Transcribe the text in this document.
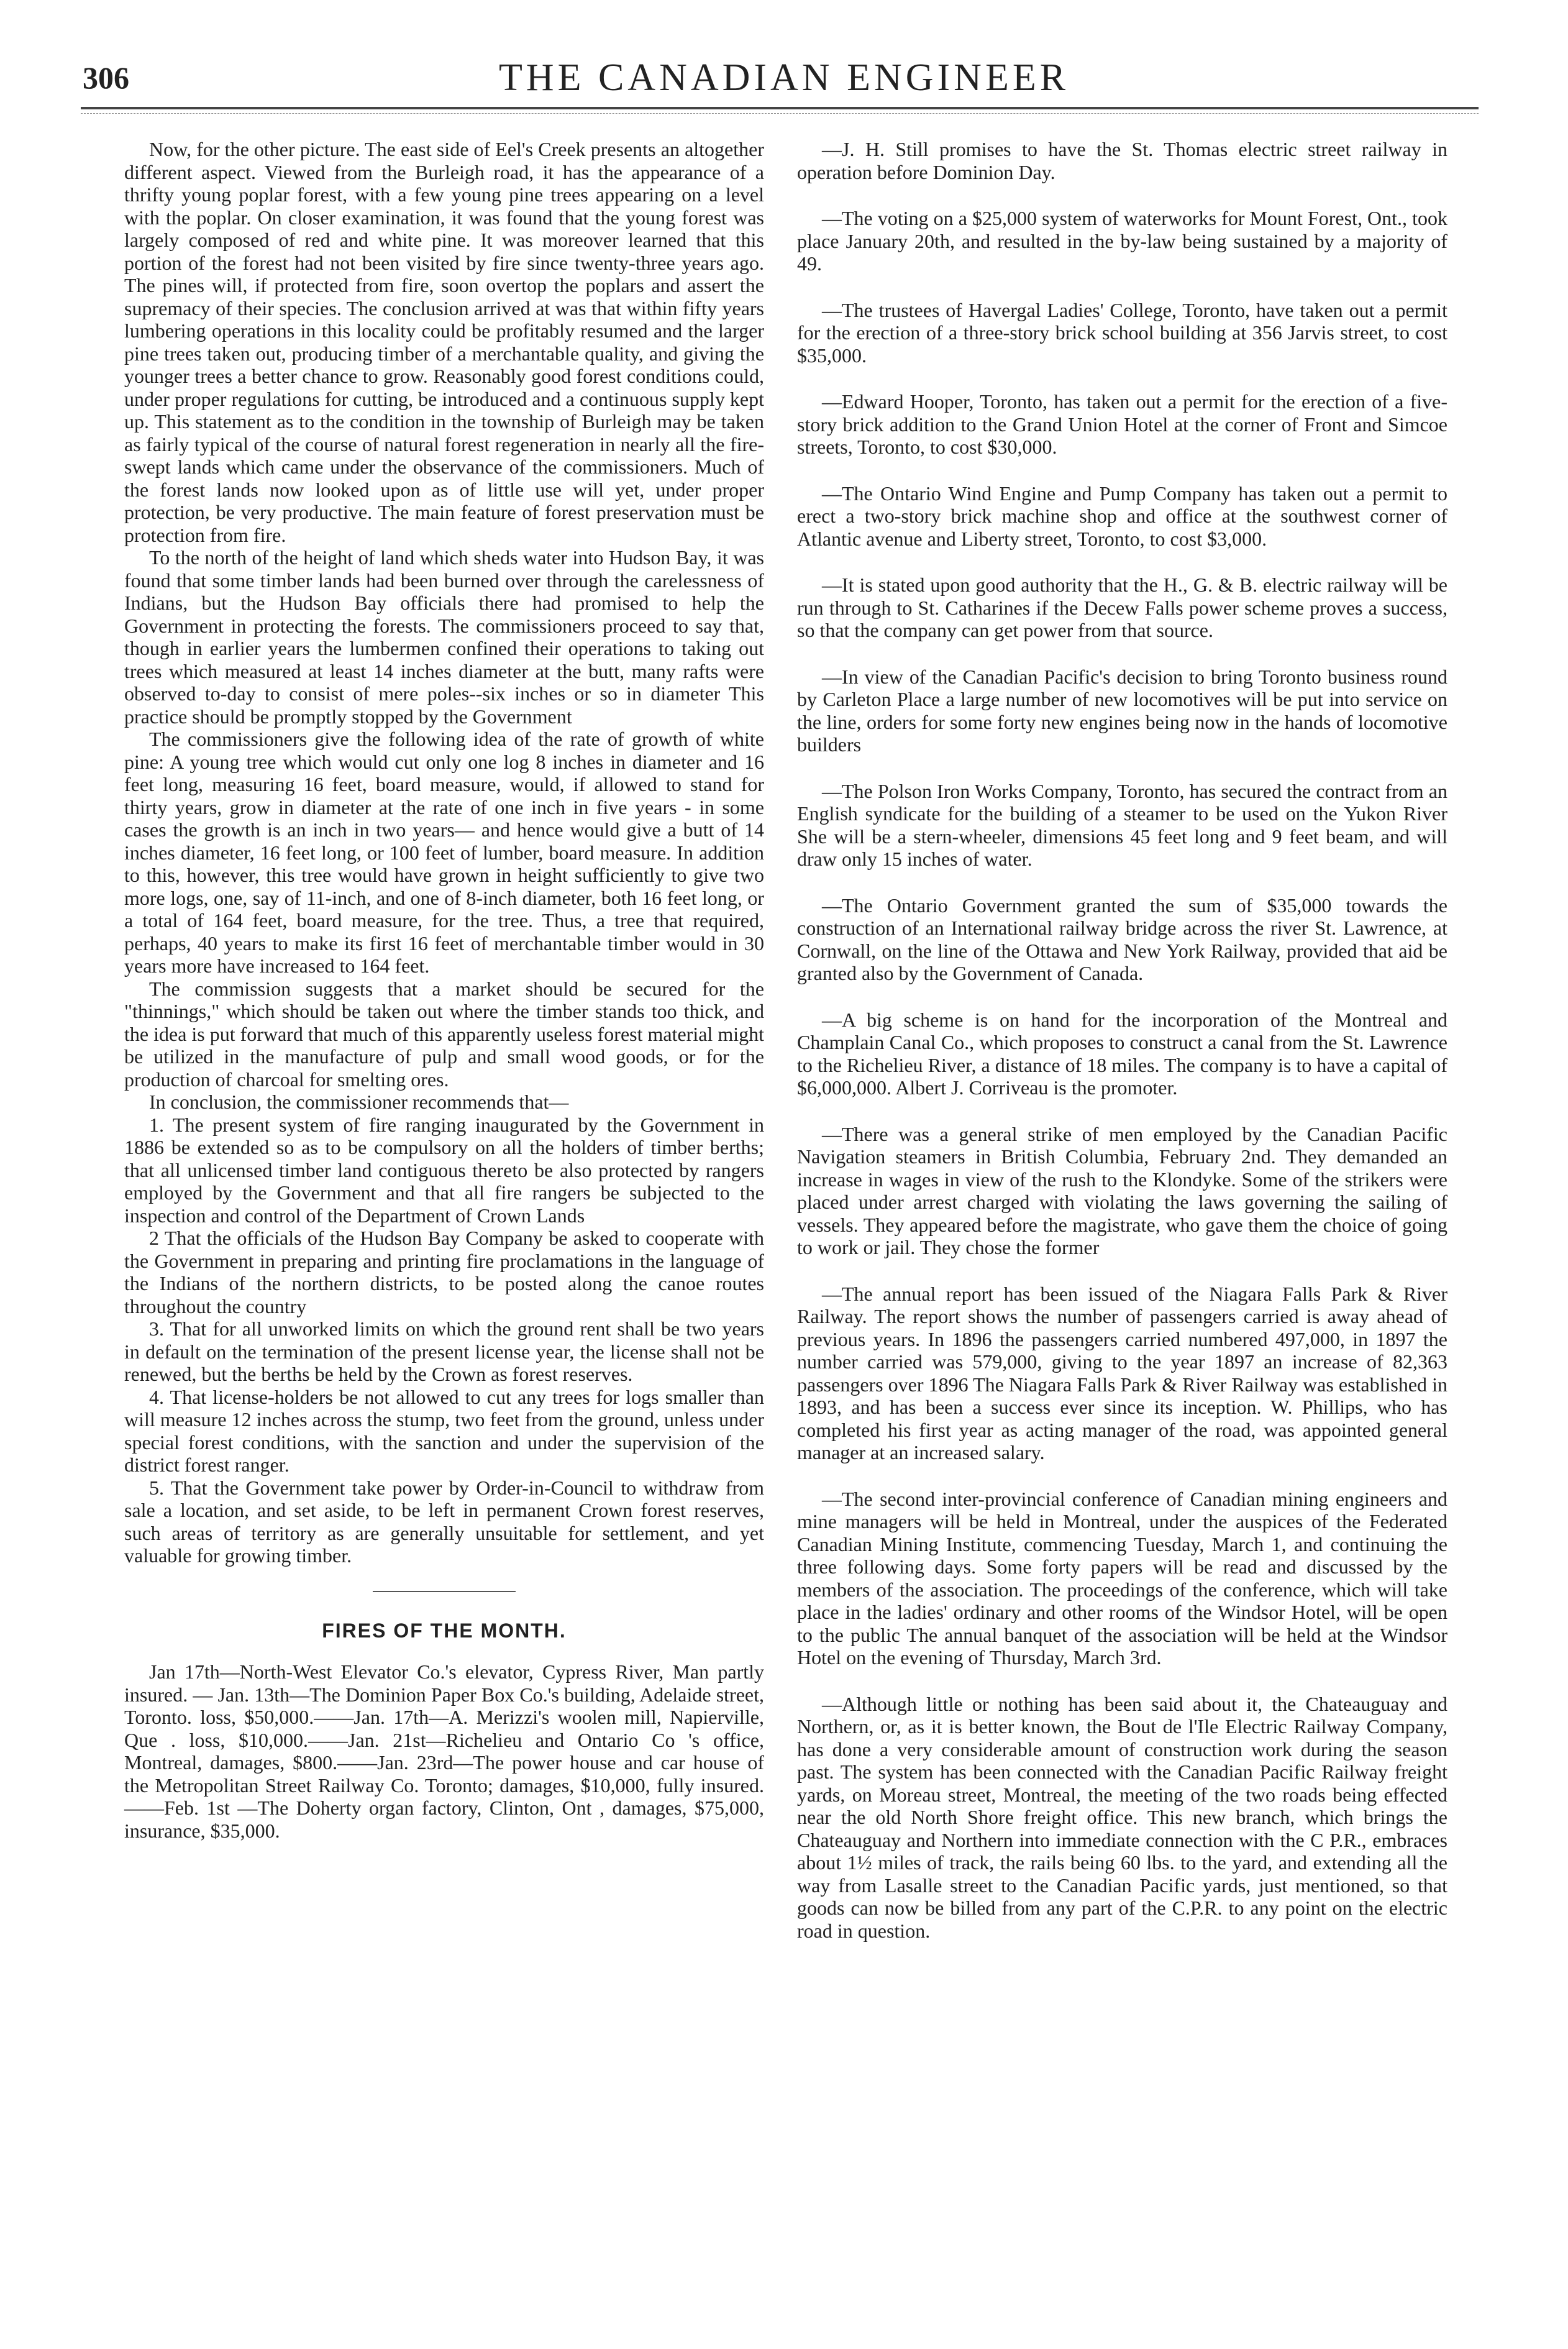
306	THE CANADIAN ENGINEER

Now, for the other picture. The east side of Eel's Creek presents an altogether different aspect. Viewed from the Burleigh road, it has the appearance of a thrifty young poplar forest, with a few young pine trees appearing on a level with the poplar. On closer examination, it was found that the young forest was largely composed of red and white pine. It was moreover learned that this portion of the forest had not been visited by fire since twenty-three years ago. The pines will, if protected from fire, soon overtop the poplars and assert the supremacy of their species. The conclusion arrived at was that within fifty years lumbering operations in this locality could be profitably resumed and the larger pine trees taken out, producing timber of a merchantable quality, and giving the younger trees a better chance to grow. Reasonably good forest conditions could, under proper regulations for cutting, be introduced and a continuous supply kept up. This statement as to the condition in the township of Burleigh may be taken as fairly typical of the course of natural forest regeneration in nearly all the fire-swept lands which came under the observance of the commissioners. Much of the forest lands now looked upon as of little use will yet, under proper protection, be very productive. The main feature of forest preservation must be protection from fire.

To the north of the height of land which sheds water into Hudson Bay, it was found that some timber lands had been burned over through the carelessness of Indians, but the Hudson Bay officials there had promised to help the Government in protecting the forests. The commissioners proceed to say that, though in earlier years the lumbermen confined their operations to taking out trees which measured at least 14 inches diameter at the butt, many rafts were observed to-day to consist of mere poles--six inches or so in diameter This practice should be promptly stopped by the Government

The commissioners give the following idea of the rate of growth of white pine: A young tree which would cut only one log 8 inches in diameter and 16 feet long, measuring 16 feet, board measure, would, if allowed to stand for thirty years, grow in diameter at the rate of one inch in five years - in some cases the growth is an inch in two years— and hence would give a butt of 14 inches diameter, 16 feet long, or 100 feet of lumber, board measure. In addition to this, however, this tree would have grown in height sufficiently to give two more logs, one, say of 11-inch, and one of 8-inch diameter, both 16 feet long, or a total of 164 feet, board measure, for the tree. Thus, a tree that required, perhaps, 40 years to make its first 16 feet of merchantable timber would in 30 years more have increased to 164 feet.

The commission suggests that a market should be secured for the "thinnings," which should be taken out where the timber stands too thick, and the idea is put forward that much of this apparently useless forest material might be utilized in the manufacture of pulp and small wood goods, or for the production of charcoal for smelting ores.

In conclusion, the commissioner recommends that—

1. The present system of fire ranging inaugurated by the Government in 1886 be extended so as to be compulsory on all the holders of timber berths; that all unlicensed timber land contiguous thereto be also protected by rangers employed by the Government and that all fire rangers be subjected to the inspection and control of the Department of Crown Lands

2 That the officials of the Hudson Bay Company be asked to cooperate with the Government in preparing and printing fire proclamations in the language of the Indians of the northern districts, to be posted along the canoe routes throughout the country

3. That for all unworked limits on which the ground rent shall be two years in default on the termination of the present license year, the license shall not be renewed, but the berths be held by the Crown as forest reserves.

4. That license-holders be not allowed to cut any trees for logs smaller than will measure 12 inches across the stump, two feet from the ground, unless under special forest conditions, with the sanction and under the supervision of the district forest ranger.

5. That the Government take power by Order-in-Council to withdraw from sale a location, and set aside, to be left in permanent Crown forest reserves, such areas of territory as are generally unsuitable for settlement, and yet valuable for growing timber.

FIRES OF THE MONTH.

Jan 17th—North-West Elevator Co.'s elevator, Cypress River, Man partly insured. — Jan. 13th—The Dominion Paper Box Co.'s building, Adelaide street, Toronto. loss, $50,000.——Jan. 17th—A. Merizzi's woolen mill, Napierville, Que . loss, $10,000.——Jan. 21st—Richelieu and Ontario Co 's office, Montreal, damages, $800.——Jan. 23rd—The power house and car house of the Metropolitan Street Railway Co. Toronto; damages, $10,000, fully insured.——Feb. 1st —The Doherty organ factory, Clinton, Ont , damages, $75,000, insurance, $35,000.

—J. H. Still promises to have the St. Thomas electric street railway in operation before Dominion Day.

—The voting on a $25,000 system of waterworks for Mount Forest, Ont., took place January 20th, and resulted in the by-law being sustained by a majority of 49.

—The trustees of Havergal Ladies' College, Toronto, have taken out a permit for the erection of a three-story brick school building at 356 Jarvis street, to cost $35,000.

—Edward Hooper, Toronto, has taken out a permit for the erection of a five-story brick addition to the Grand Union Hotel at the corner of Front and Simcoe streets, Toronto, to cost $30,000.

—The Ontario Wind Engine and Pump Company has taken out a permit to erect a two-story brick machine shop and office at the southwest corner of Atlantic avenue and Liberty street, Toronto, to cost $3,000.

—It is stated upon good authority that the H., G. & B. electric railway will be run through to St. Catharines if the Decew Falls power scheme proves a success, so that the company can get power from that source.

—In view of the Canadian Pacific's decision to bring Toronto business round by Carleton Place a large number of new locomotives will be put into service on the line, orders for some forty new engines being now in the hands of locomotive builders

—The Polson Iron Works Company, Toronto, has secured the contract from an English syndicate for the building of a steamer to be used on the Yukon River She will be a stern-wheeler, dimensions 45 feet long and 9 feet beam, and will draw only 15 inches of water.

—The Ontario Government granted the sum of $35,000 towards the construction of an International railway bridge across the river St. Lawrence, at Cornwall, on the line of the Ottawa and New York Railway, provided that aid be granted also by the Government of Canada.

—A big scheme is on hand for the incorporation of the Montreal and Champlain Canal Co., which proposes to construct a canal from the St. Lawrence to the Richelieu River, a distance of 18 miles. The company is to have a capital of $6,000,000. Albert J. Corriveau is the promoter.

—There was a general strike of men employed by the Canadian Pacific Navigation steamers in British Columbia, February 2nd. They demanded an increase in wages in view of the rush to the Klondyke. Some of the strikers were placed under arrest charged with violating the laws governing the sailing of vessels. They appeared before the magistrate, who gave them the choice of going to work or jail. They chose the former

—The annual report has been issued of the Niagara Falls Park & River Railway. The report shows the number of passengers carried is away ahead of previous years. In 1896 the passengers carried numbered 497,000, in 1897 the number carried was 579,000, giving to the year 1897 an increase of 82,363 passengers over 1896 The Niagara Falls Park & River Railway was established in 1893, and has been a success ever since its inception. W. Phillips, who has completed his first year as acting manager of the road, was appointed general manager at an increased salary.

—The second inter-provincial conference of Canadian mining engineers and mine managers will be held in Montreal, under the auspices of the Federated Canadian Mining Institute, commencing Tuesday, March 1, and continuing the three following days. Some forty papers will be read and discussed by the members of the association. The proceedings of the conference, which will take place in the ladies' ordinary and other rooms of the Windsor Hotel, will be open to the public The annual banquet of the association will be held at the Windsor Hotel on the evening of Thursday, March 3rd.

—Although little or nothing has been said about it, the Chateauguay and Northern, or, as it is better known, the Bout de l'Ile Electric Railway Company, has done a very considerable amount of construction work during the season past. The system has been connected with the Canadian Pacific Railway freight yards, on Moreau street, Montreal, the meeting of the two roads being effected near the old North Shore freight office. This new branch, which brings the Chateauguay and Northern into immediate connection with the C P.R., embraces about 1½ miles of track, the rails being 60 lbs. to the yard, and extending all the way from Lasalle street to the Canadian Pacific yards, just mentioned, so that goods can now be billed from any part of the C.P.R. to any point on the electric road in question.
